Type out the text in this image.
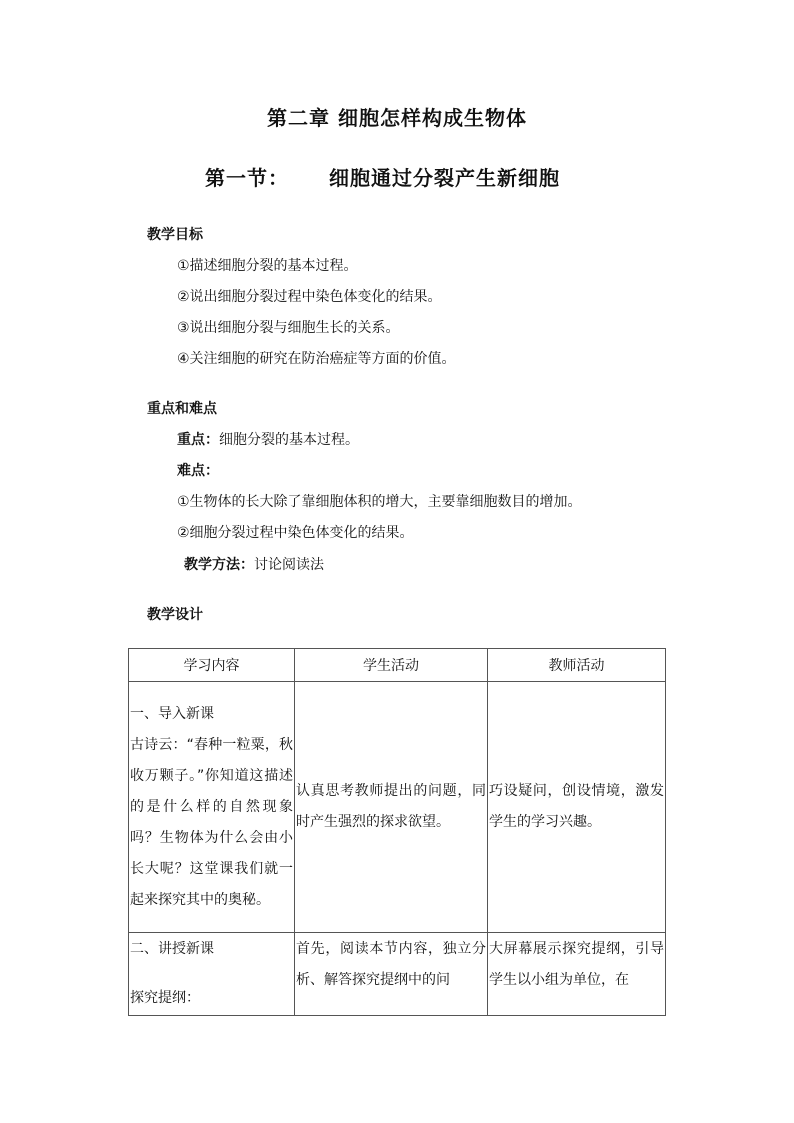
第二章 细胞怎样构成生物体
第一节： 细胞通过分裂产生新细胞
教学目标
①描述细胞分裂的基本过程。
②说出细胞分裂过程中染色体变化的结果。
③说出细胞分裂与细胞生长的关系。
④关注细胞的研究在防治癌症等方面的价值。
重点和难点
重点：细胞分裂的基本过程。
难点：
①生物体的长大除了靠细胞体积的增大，主要靠细胞数目的增加。
②细胞分裂过程中染色体变化的结果。
教学方法：讨论阅读法
教学设计
学习内容	学生活动	教师活动

一、导入新课
古诗云：“春种一粒粟，秋收万颗子。”你知道这描述的是什么样的自然现象吗？生物体为什么会由小长大呢？这堂课我们就一起来探究其中的奥秘。	认真思考教师提出的问题，同时产生强烈的探求欲望。	巧设疑问，创设情境，激发学生的学习兴趣。

二、讲授新课
探究提纲：	首先，阅读本节内容，独立分析、解答探究提纲中的问	大屏幕展示探究提纲，引导学生以小组为单位，在
